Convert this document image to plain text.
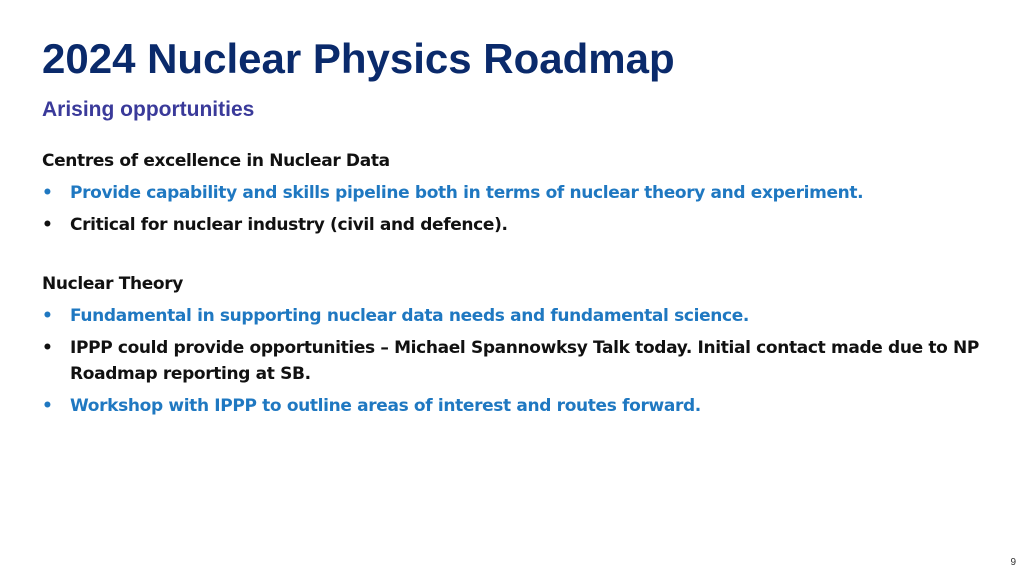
2024 Nuclear Physics Roadmap
Arising opportunities

Centres of excellence in Nuclear Data

• Provide capability and skills pipeline both in terms of nuclear theory and experiment.
• Critical for nuclear industry (civil and defence).

Nuclear Theory

• Fundamental in supporting nuclear data needs and fundamental science.
• IPPP could provide opportunities – Michael Spannowksy Talk today. Initial contact made due to NP Roadmap reporting at SB.
• Workshop with IPPP to outline areas of interest and routes forward.
9
